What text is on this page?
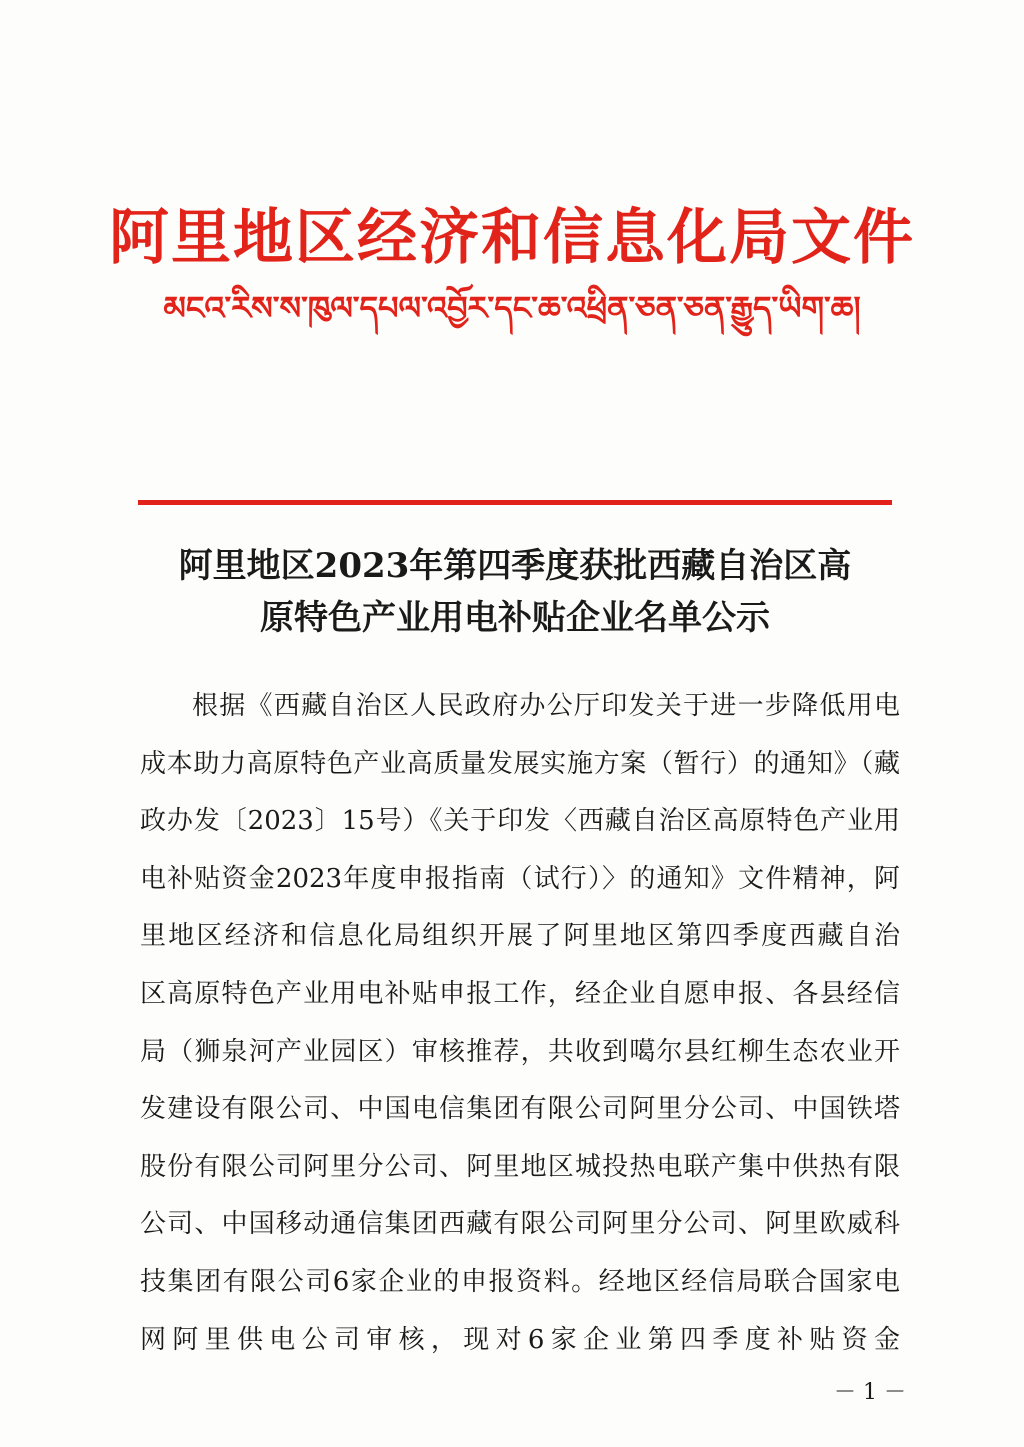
阿里地区经济和信息化局文件
མངའ་རིས་ས་ཁུལ་དཔལ་འབྱོར་དང་ཆ་འཕྲིན་ཅན་ཅན་རྒྱུད་ཡིག་ཆ།
阿里地区2023年第四季度获批西藏自治区高
原特色产业用电补贴企业名单公示
根据《西藏自治区人民政府办公厅印发关于进一步降低用电
成本助力高原特色产业高质量发展实施方案（暂行）的通知》（藏
政办发〔2023〕15号）《关于印发〈西藏自治区高原特色产业用
电补贴资金2023年度申报指南（试行）〉的通知》文件精神，阿
里地区经济和信息化局组织开展了阿里地区第四季度西藏自治
区高原特色产业用电补贴申报工作，经企业自愿申报、各县经信
局（狮泉河产业园区）审核推荐，共收到噶尔县红柳生态农业开
发建设有限公司、中国电信集团有限公司阿里分公司、中国铁塔
股份有限公司阿里分公司、阿里地区城投热电联产集中供热有限
公司、中国移动通信集团西藏有限公司阿里分公司、阿里欧威科
技集团有限公司6家企业的申报资料。经地区经信局联合国家电
网阿里供电公司审核，现对6家企业第四季度补贴资金
－ 1 －
